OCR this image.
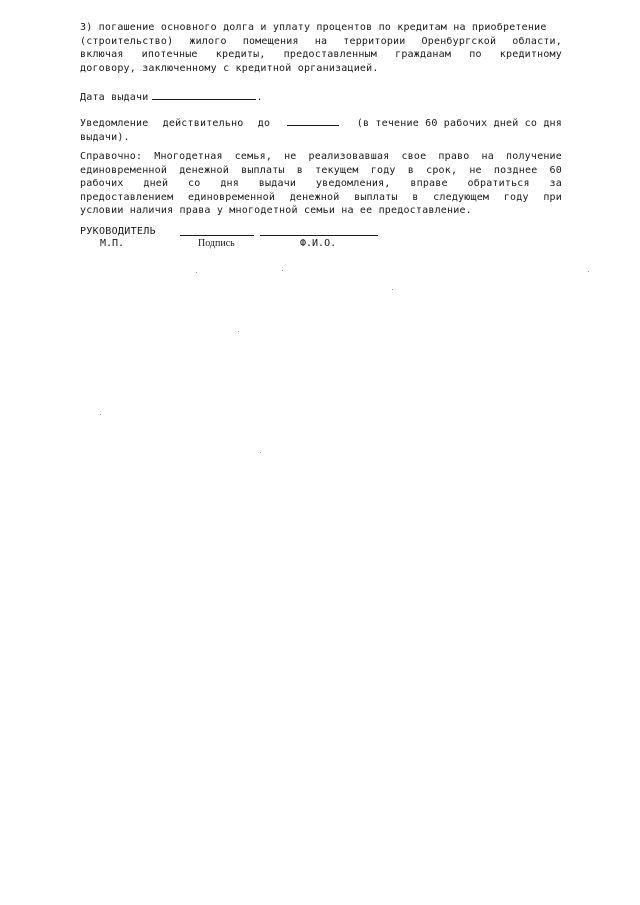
3) погашение основного долга и уплату процентов по кредитам на приобретение
(строительство) жилого помещения на территории Оренбургской области,
включая ипотечные кредиты, предоставленным гражданам по кредитному
договору, заключенному с кредитной организацией.
Дата выдачи	.
Уведомление действительно до	(в течение 60 рабочих дней со дня
выдачи).
Справочно: Многодетная семья, не реализовавшая свое право на получение
единовременной денежной выплаты в текущем году в срок, не позднее 60
рабочих дней со дня выдачи уведомления, вправе обратиться за
предоставлением единовременной денежной выплаты в следующем году при
условии наличия права у многодетной семьи на ее предоставление.
РУКОВОДИТЕЛЬ
М.П.	Подпись	Ф.И.О.
